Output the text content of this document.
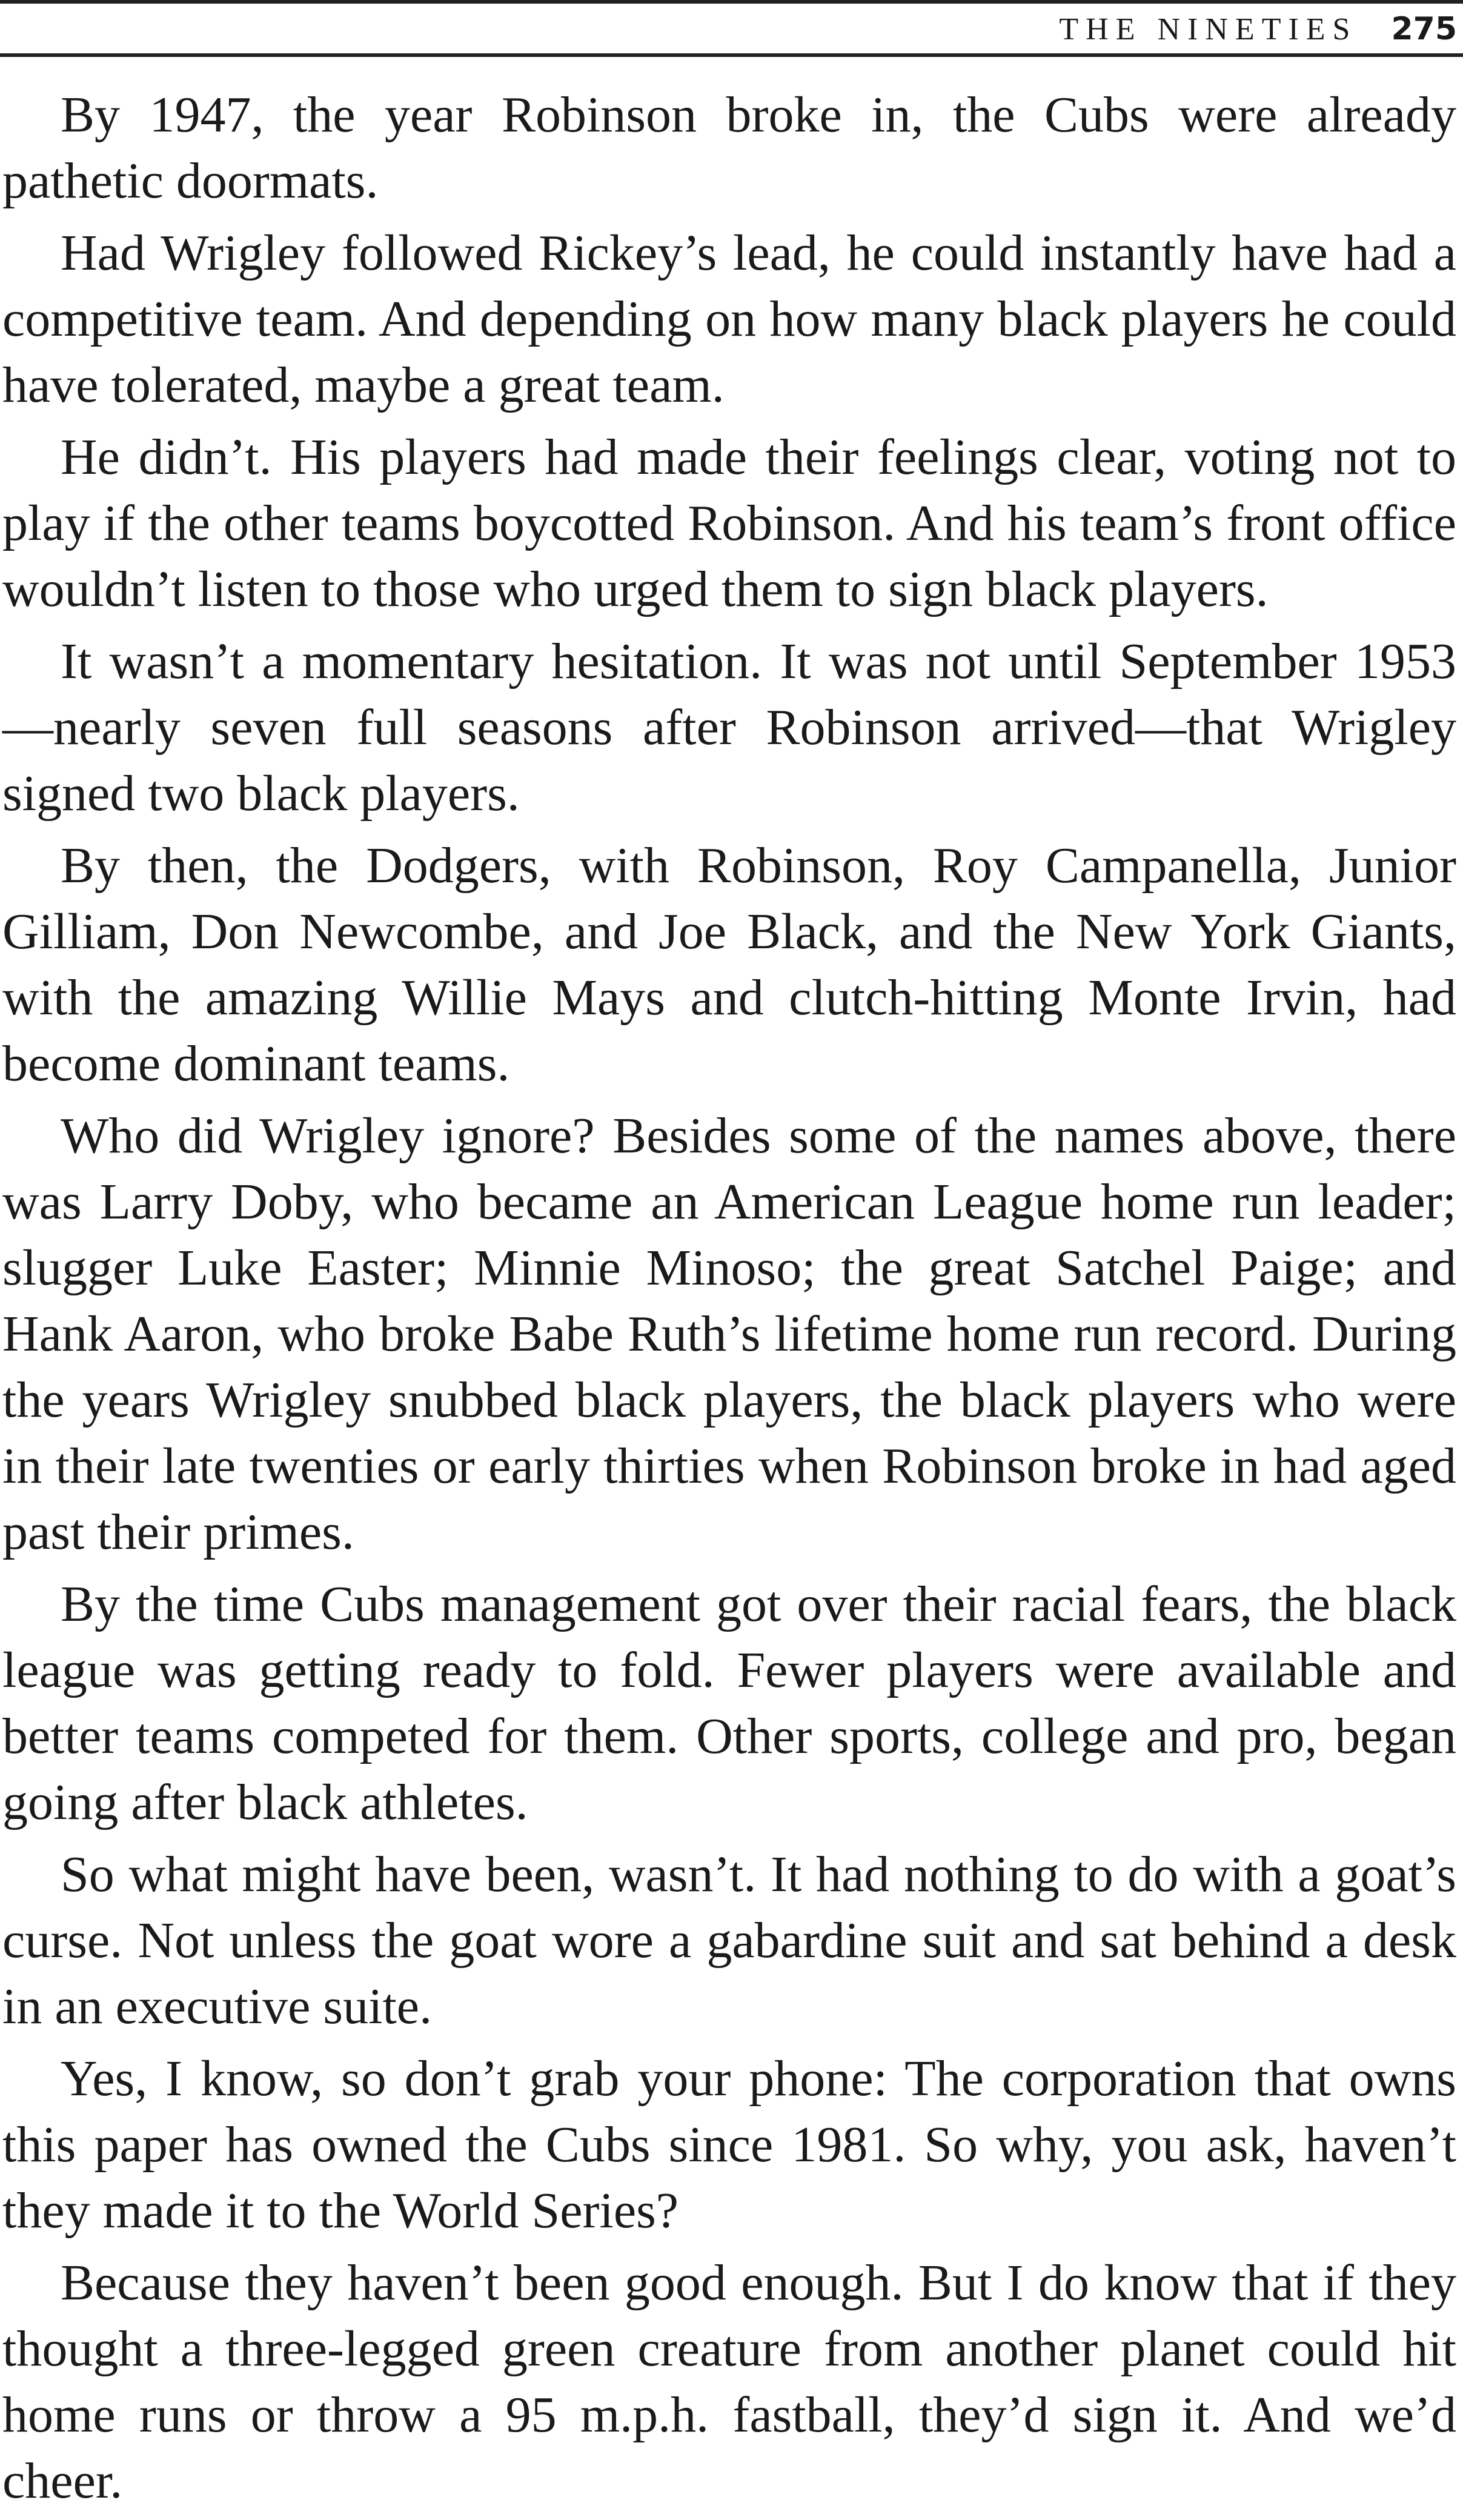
THE NINETIES 275

By 1947, the year Robinson broke in, the Cubs were already pathetic doormats.

Had Wrigley followed Rickey’s lead, he could instantly have had a competitive team. And depending on how many black players he could have tolerated, maybe a great team.

He didn’t. His players had made their feelings clear, voting not to play if the other teams boycotted Robinson. And his team’s front office wouldn’t listen to those who urged them to sign black players.

It wasn’t a momentary hesitation. It was not until September 1953—nearly seven full seasons after Robinson arrived—that Wrigley signed two black players.

By then, the Dodgers, with Robinson, Roy Campanella, Junior Gilliam, Don Newcombe, and Joe Black, and the New York Giants, with the amazing Willie Mays and clutch-hitting Monte Irvin, had become dominant teams.

Who did Wrigley ignore? Besides some of the names above, there was Larry Doby, who became an American League home run leader; slugger Luke Easter; Minnie Minoso; the great Satchel Paige; and Hank Aaron, who broke Babe Ruth’s lifetime home run record. During the years Wrigley snubbed black players, the black players who were in their late twenties or early thirties when Robinson broke in had aged past their primes.

By the time Cubs management got over their racial fears, the black league was getting ready to fold. Fewer players were available and better teams competed for them. Other sports, college and pro, began going after black athletes.

So what might have been, wasn’t. It had nothing to do with a goat’s curse. Not unless the goat wore a gabardine suit and sat behind a desk in an executive suite.

Yes, I know, so don’t grab your phone: The corporation that owns this paper has owned the Cubs since 1981. So why, you ask, haven’t they made it to the World Series?

Because they haven’t been good enough. But I do know that if they thought a three-legged green creature from another planet could hit home runs or throw a 95 m.p.h. fastball, they’d sign it. And we’d cheer.
